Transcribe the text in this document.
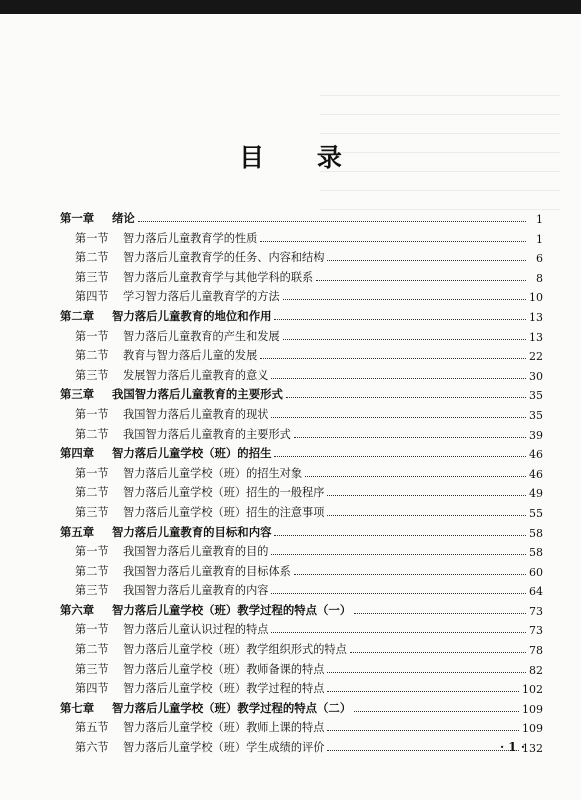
目 录
第一章 绪论	1
第一节 智力落后儿童教育学的性质	1
第二节 智力落后儿童教育学的任务、内容和结构	6
第三节 智力落后儿童教育学与其他学科的联系	8
第四节 学习智力落后儿童教育学的方法	10
第二章 智力落后儿童教育的地位和作用	13
第一节 智力落后儿童教育的产生和发展	13
第二节 教育与智力落后儿童的发展	22
第三节 发展智力落后儿童教育的意义	30
第三章 我国智力落后儿童教育的主要形式	35
第一节 我国智力落后儿童教育的现状	35
第二节 我国智力落后儿童教育的主要形式	39
第四章 智力落后儿童学校（班）的招生	46
第一节 智力落后儿童学校（班）的招生对象	46
第二节 智力落后儿童学校（班）招生的一般程序	49
第三节 智力落后儿童学校（班）招生的注意事项	55
第五章 智力落后儿童教育的目标和内容	58
第一节 我国智力落后儿童教育的目的	58
第二节 我国智力落后儿童教育的目标体系	60
第三节 我国智力落后儿童教育的内容	64
第六章 智力落后儿童学校（班）教学过程的特点（一）	73
第一节 智力落后儿童认识过程的特点	73
第二节 智力落后儿童学校（班）教学组织形式的特点	78
第三节 智力落后儿童学校（班）教师备课的特点	82
第四节 智力落后儿童学校（班）教学过程的特点	102
第七章 智力落后儿童学校（班）教学过程的特点（二）	109
第五节 智力落后儿童学校（班）教师上课的特点	109
第六节 智力落后儿童学校（班）学生成绩的评价	132
· 1 ·
